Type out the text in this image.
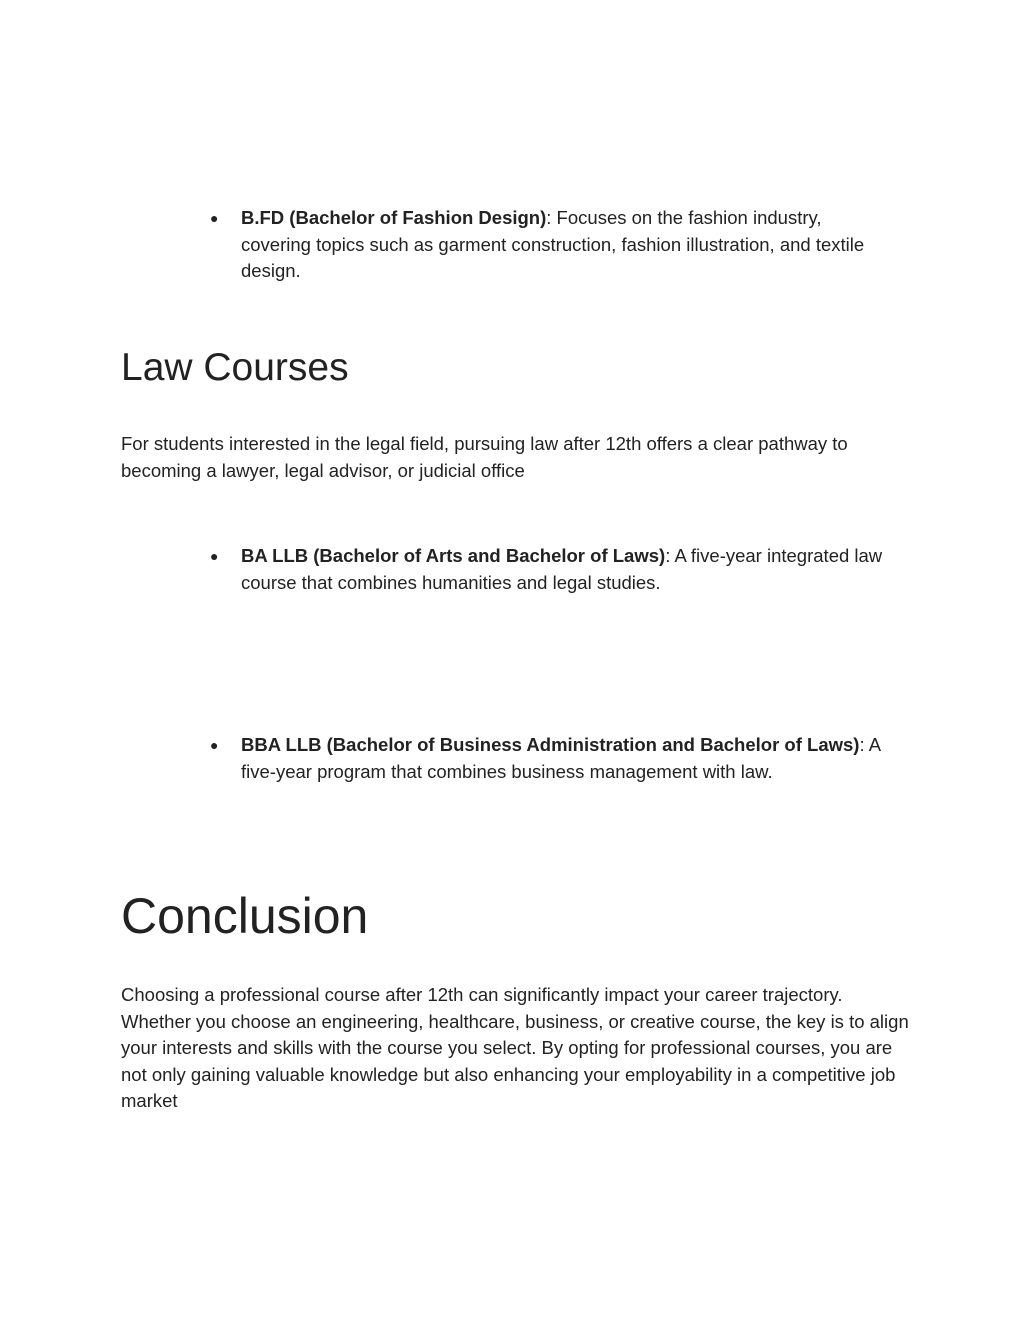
●	B.FD (Bachelor of Fashion Design): Focuses on the fashion industry, covering topics such as garment construction, fashion illustration, and textile design.
Law Courses

For students interested in the legal field, pursuing law after 12th offers a clear pathway to becoming a lawyer, legal advisor, or judicial office

●	BA LLB (Bachelor of Arts and Bachelor of Laws): A five-year integrated law course that combines humanities and legal studies.
●	BBA LLB (Bachelor of Business Administration and Bachelor of Laws): A five-year program that combines business management with law.
Conclusion

Choosing a professional course after 12th can significantly impact your career trajectory. Whether you choose an engineering, healthcare, business, or creative course, the key is to align your interests and skills with the course you select. By opting for professional courses, you are not only gaining valuable knowledge but also enhancing your employability in a competitive job market
